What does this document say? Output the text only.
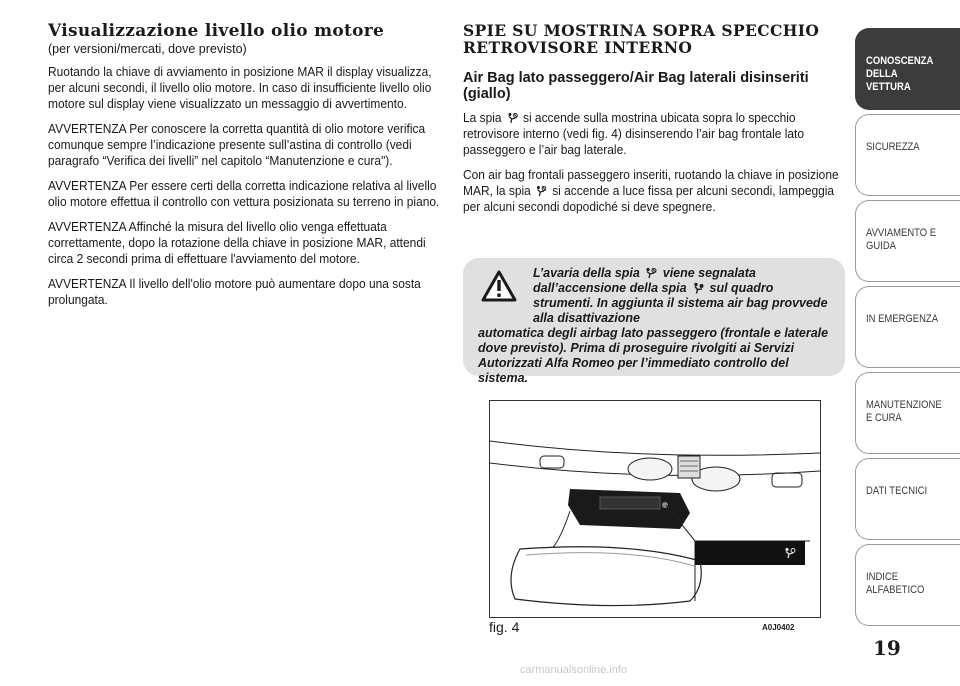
Visualizzazione livello olio motore

(per versioni/mercati, dove previsto)

Ruotando la chiave di avviamento in posizione MAR il display visualizza, per alcuni secondi, il livello olio motore. In caso di insufficiente livello olio motore sul display viene visualizzato un messaggio di avvertimento.

AVVERTENZA Per conoscere la corretta quantità di olio motore verifica comunque sempre l’indicazione presente sull’astina di controllo (vedi paragrafo “Verifica dei livelli” nel capitolo “Manutenzione e cura").

AVVERTENZA Per essere certi della corretta indicazione relativa al livello olio motore effettua il controllo con vettura posizionata su terreno in piano.

AVVERTENZA Affinché la misura del livello olio venga effettuata correttamente, dopo la rotazione della chiave in posizione MAR, attendi circa 2 secondi prima di effettuare l'avviamento del motore.

AVVERTENZA Il livello dell'olio motore può aumentare dopo una sosta prolungata.

SPIE SU MOSTRINA SOPRA SPECCHIO
RETROVISORE INTERNO
Air Bag lato passeggero/Air Bag laterali disinseriti (giallo)

La spia si accende sulla mostrina ubicata sopra lo specchio retrovisore interno (vedi fig. 4) disinserendo l’air bag frontale lato passeggero e l’air bag laterale.

Con air bag frontali passeggero inseriti, ruotando la chiave in posizione MAR, la spia si accende a luce fissa per alcuni secondi, lampeggia per alcuni secondi dopodiché si deve spegnere.

L’avaria della spia viene segnalata dall’accensione della spia sul quadro strumenti. In aggiunta il sistema air bag provvede alla disattivazione
automatica degli airbag lato passeggero (frontale e laterale dove previsto). Prima di proseguire rivolgiti ai Servizi Autorizzati Alfa Romeo per l’immediato controllo del sistema.
fig. 4	A0J0402
CONOSCENZA DELLA VETTURA
SICUREZZA
AVVIAMENTO E GUIDA
IN EMERGENZA
MANUTENZIONE E CURA
DATI TECNICI
INDICE ALFABETICO
19
carmanualsonline.info
